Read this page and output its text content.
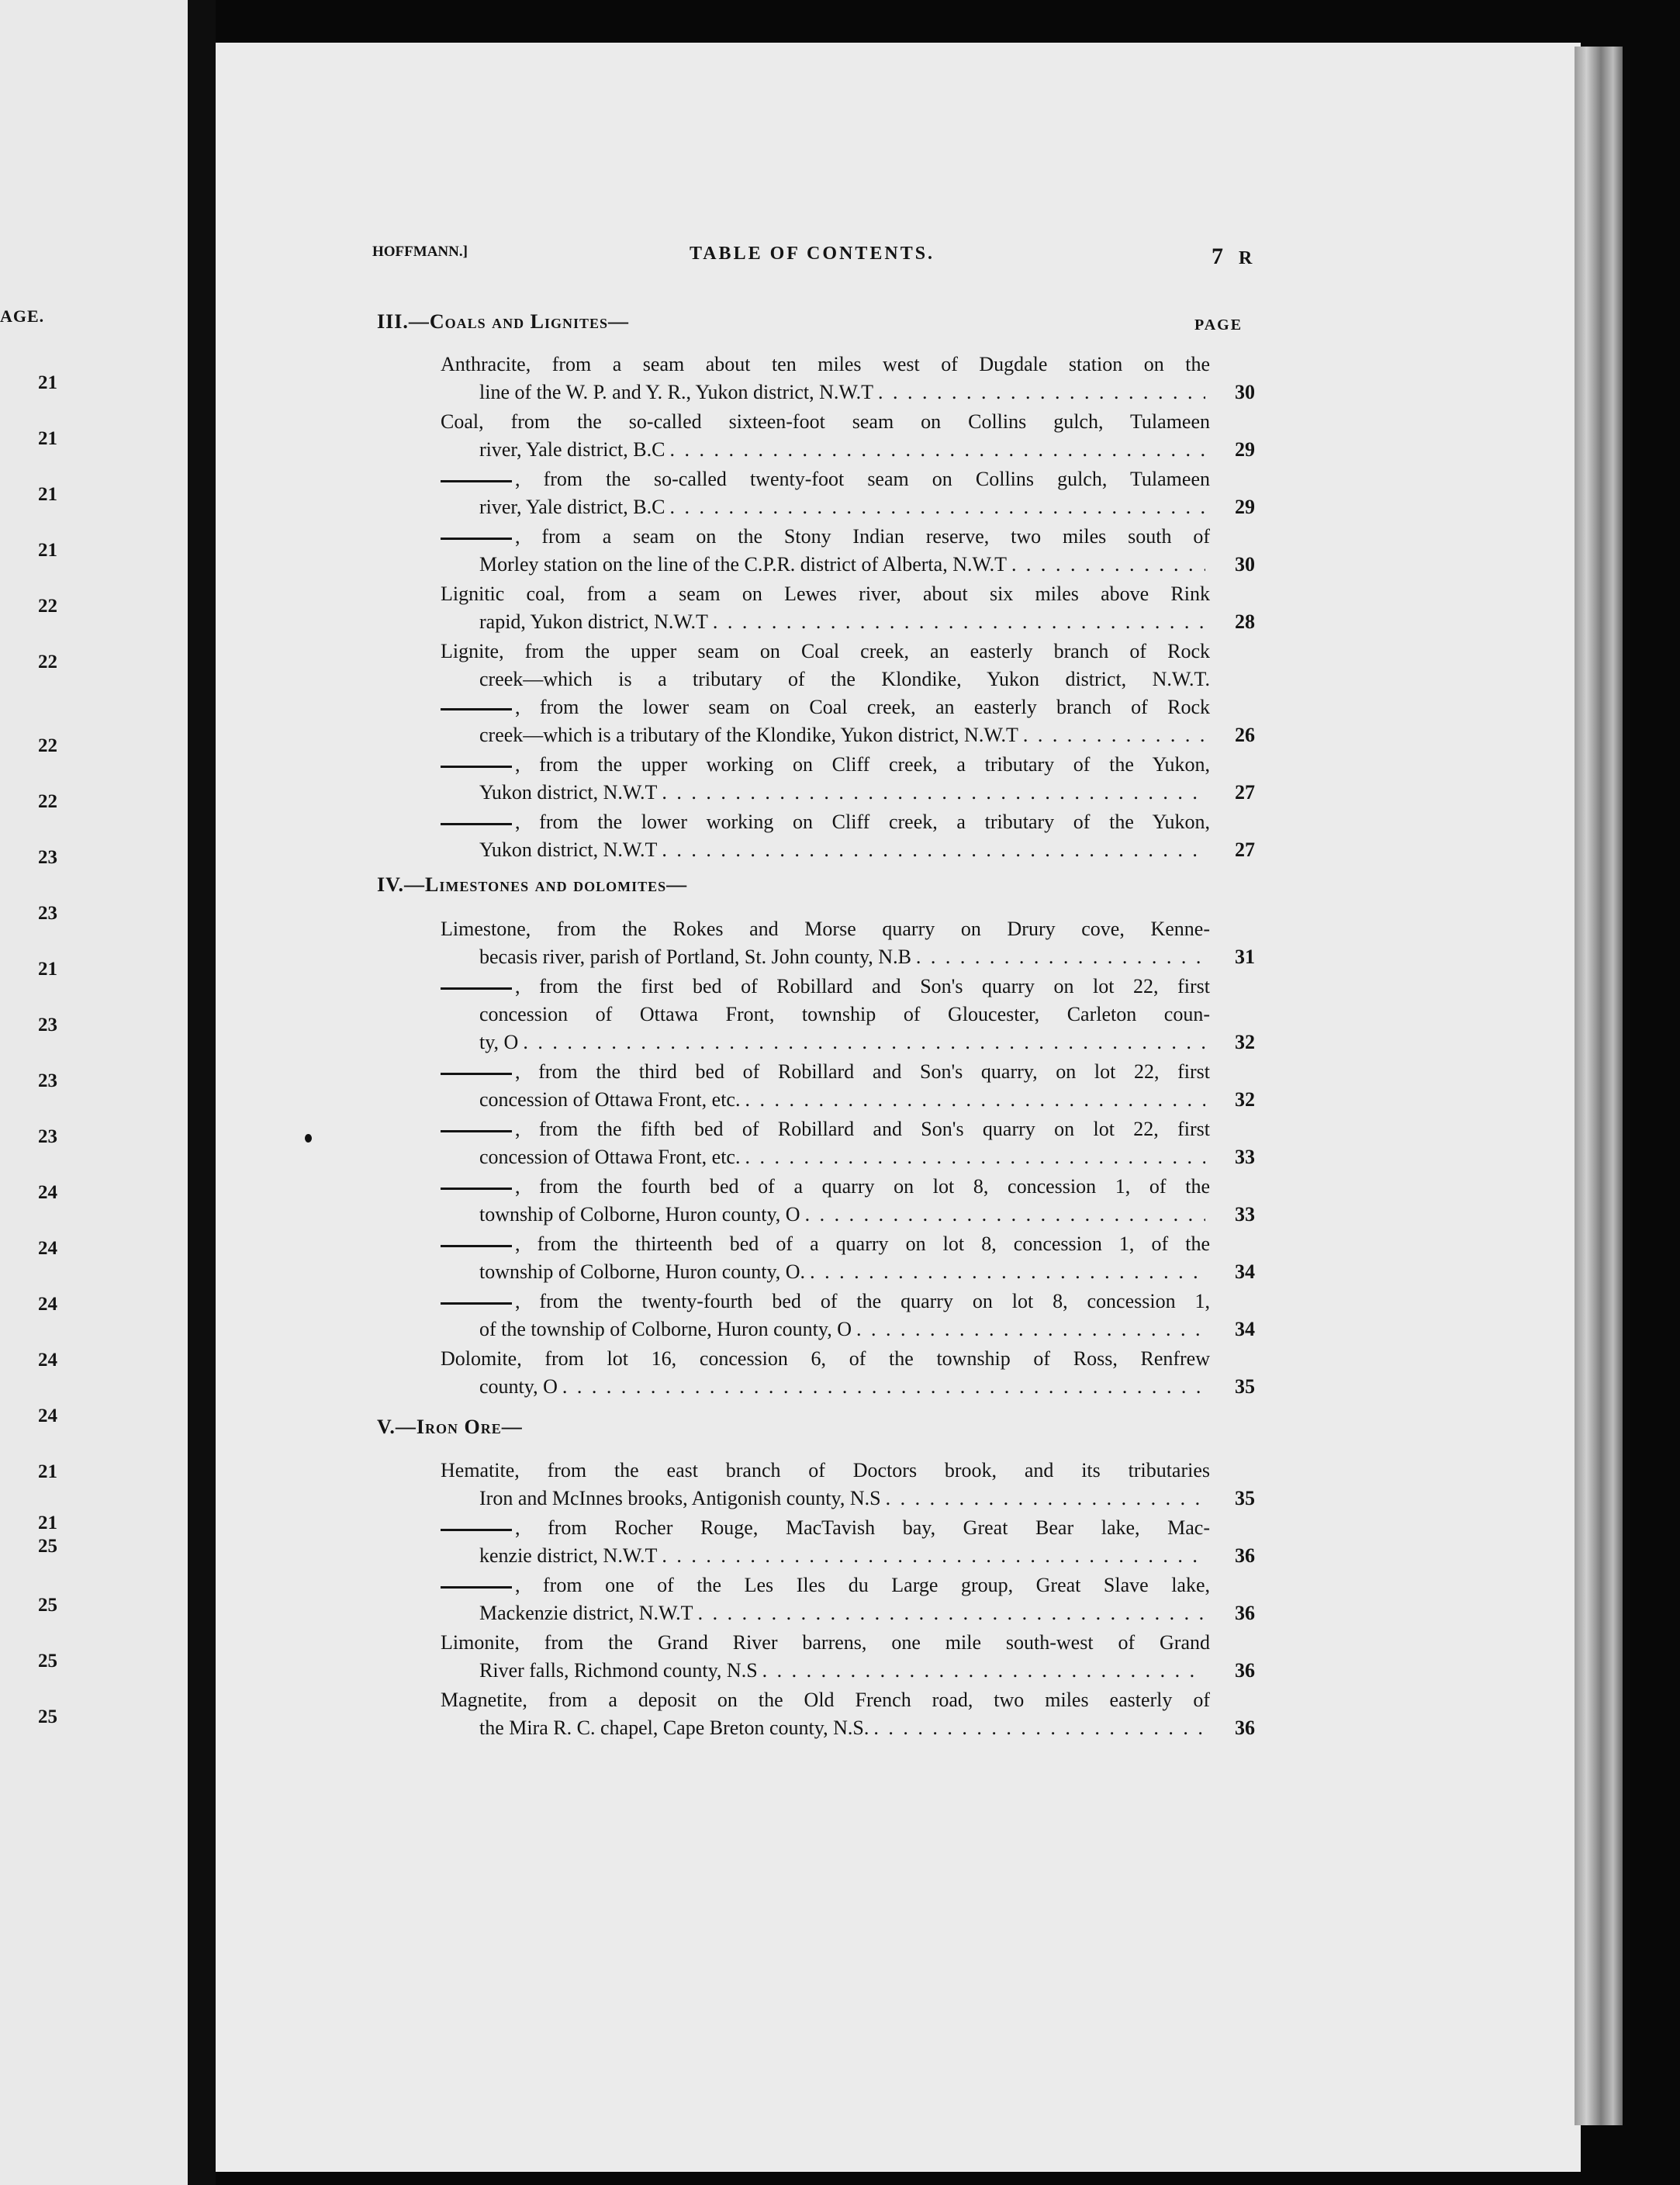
AGE.
21
21
21
21
22
22
22
22
23
23
21
23
23
23
24
24
24
24
24
21
21
25
25
25
25
HOFFMANN.]	TABLE OF CONTENTS.	7 R
PAGE
III.—Coals and Lignites—
Anthracite, from a seam about ten miles west of Dugdale station on the
line of the W. P. and Y. R., Yukon district, N.W.T . . .	30
Coal, from the so-called sixteen-foot seam on Collins gulch, Tulameen
river, Yale district, B.C . . .	29
, from the so-called twenty-foot seam on Collins gulch, Tulameen
river, Yale district, B.C . . .	29
, from a seam on the Stony Indian reserve, two miles south of
Morley station on the line of the C.P.R. district of Alberta, N.W.T . . .	30
Lignitic coal, from a seam on Lewes river, about six miles above Rink
rapid, Yukon district, N.W.T . . .	28
Lignite, from the upper seam on Coal creek, an easterly branch of Rock
creek—which is a tributary of the Klondike, Yukon district, N.W.T.
, from the lower seam on Coal creek, an easterly branch of Rock
creek—which is a tributary of the Klondike, Yukon district, N.W.T . . .	26
, from the upper working on Cliff creek, a tributary of the Yukon,
Yukon district, N.W.T . . .	27
, from the lower working on Cliff creek, a tributary of the Yukon,
Yukon district, N.W.T . . .	27
IV.—Limestones and dolomites—
Limestone, from the Rokes and Morse quarry on Drury cove, Kenne-
becasis river, parish of Portland, St. John county, N.B . . .	31
, from the first bed of Robillard and Son's quarry on lot 22, first
concession of Ottawa Front, township of Gloucester, Carleton coun-
ty, O . . .	32
, from the third bed of Robillard and Son's quarry, on lot 22, first
concession of Ottawa Front, etc. . . .	32
, from the fifth bed of Robillard and Son's quarry on lot 22, first
concession of Ottawa Front, etc. . . .	33
, from the fourth bed of a quarry on lot 8, concession 1, of the
township of Colborne, Huron county, O . . .	33
, from the thirteenth bed of a quarry on lot 8, concession 1, of the
township of Colborne, Huron county, O. . . .	34
, from the twenty-fourth bed of the quarry on lot 8, concession 1,
of the township of Colborne, Huron county, O . . .	34
Dolomite, from lot 16, concession 6, of the township of Ross, Renfrew
county, O . . .	35
V.—Iron Ore—
Hematite, from the east branch of Doctors brook, and its tributaries
Iron and McInnes brooks, Antigonish county, N.S . . .	35
, from Rocher Rouge, MacTavish bay, Great Bear lake, Mac-
kenzie district, N.W.T . . .	36
, from one of the Les Iles du Large group, Great Slave lake,
Mackenzie district, N.W.T . . .	36
Limonite, from the Grand River barrens, one mile south-west of Grand
River falls, Richmond county, N.S . . .	36
Magnetite, from a deposit on the Old French road, two miles easterly of
the Mira R. C. chapel, Cape Breton county, N.S. . . .	36
